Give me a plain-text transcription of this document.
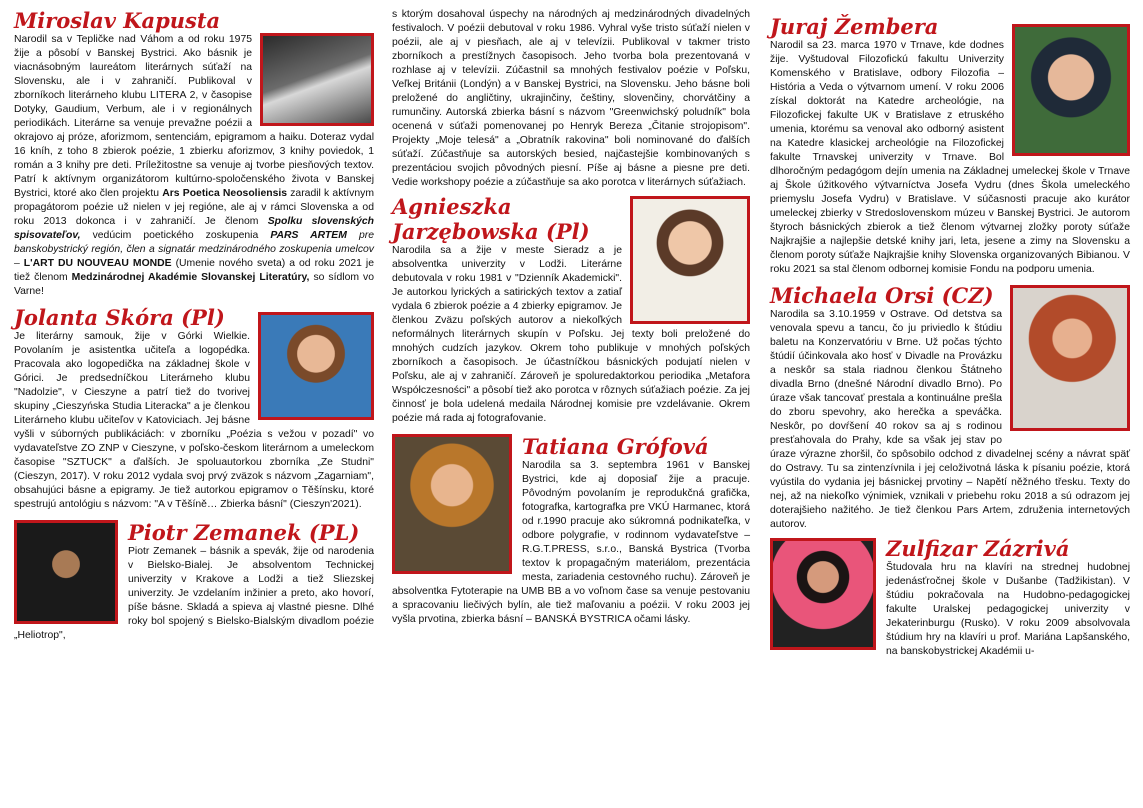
Miroslav Kapusta

Narodil sa v Tepličke nad Váhom a od roku 1975 žije a pôsobí v Banskej Bystrici. Ako básnik je viacnásobným laureátom literárnych súťaží na Slovensku, ale i v zahraničí. Publikoval v zborníkoch literárneho klubu LITERA 2, v časopise Dotyky, Gaudium, Verbum, ale i v regionálnych periodikách. Literárne sa venuje prevažne poézii a okrajovo aj próze, aforizmom, sentenciám, epigramom a haiku. Doteraz vydal 16 kníh, z toho 8 zbierok poézie, 1 zbierku aforizmov, 3 knihy poviedok, 1 román a 3 knihy pre deti. Príležitostne sa venuje aj tvorbe piesňových textov. Patrí k aktívnym organizátorom kultúrno-spoločenského života v Banskej Bystrici, ktoré ako člen projektu Ars Poetica Neosoliensis zaradil k aktívnym propagátorom poézie už nielen v jej regióne, ale aj v rámci Slovenska a od roku 2013 dokonca i v zahraničí. Je členom Spolku slovenských spisovateľov, vedúcim poetického zoskupenia PARS ARTEM pre banskobystrický región, člen a signatár medzinárodného zoskupenia umelcov – L'ART DU NOUVEAU MONDE (Umenie nového sveta) a od roku 2021 je tiež členom Medzinárodnej Akadémie Slovanskej Literatúry, so sídlom vo Varne!

Jolanta Skóra (Pl)

Je literárny samouk, žije v Górki Wielkie. Povolaním je asistentka učiteľa a logopédka. Pracovala ako logopedička na základnej škole v Górici. Je predsedníčkou Literárneho klubu "Nadolzie", v Cieszyne a patrí tiež do tvorivej skupiny „Cieszyńska Studia Literacka" a je členkou Literárneho klubu učiteľov v Katoviciach. Jej básne vyšli v súborných publikáciách: v zborníku „Poézia s vežou v pozadí" vo vydavateľstve ZO ZNP v Cieszyne, v poľsko-českom literárnom a umeleckom časopise "SZTUCK" a ďalších. Je spoluautorkou zborníka „Ze Studni" (Cieszyn, 2017). V roku 2012 vydala svoj prvý zväzok s názvom „Zagarniam", obsahujúci básne a epigramy. Je tiež autorkou epigramov o Těšínsku, ktoré spestrujú antológiu s názvom: "A v Těšíně… Zbierka básní" (Cieszyn'2021).

Piotr Zemanek (PL)

Piotr Zemanek – básnik a spevák, žije od narodenia v Bielsko-Bialej. Je absolventom Technickej univerzity v Krakove a Lodži a tiež Sliezskej univerzity. Je vzdelaním inžinier a preto, ako hovorí, píše básne. Skladá a spieva aj vlastné piesne. Dlhé roky bol spojený s Bielsko-Bialským divadlom poézie „Heliotrop",

s ktorým dosahoval úspechy na národných aj medzinárodných divadelných festivaloch. V poézii debutoval v roku 1986. Vyhral vyše tristo súťaží nielen v poézii, ale aj v piesňach, ale aj v televízii. Publikoval v takmer tristo zborníkoch a prestížnych časopisoch. Jeho tvorba bola prezentovaná v rozhlase aj v televízii. Zúčastnil sa mnohých festivalov poézie v Poľsku, Veľkej Británii (Londýn) a v Banskej Bystrici, na Slovensku. Jeho básne boli preložené do angličtiny, ukrajinčiny, češtiny, slovenčiny, chorvátčiny a rumunčiny. Autorská zbierka básní s názvom "Greenwichský poludník" bola ocenená v súťaži pomenovanej po Henryk Bereza „Čitanie strojopisom". Projekty „Moje telesá" a „Obratník rakovina" boli nominované do ďalších súťaží. Zúčastňuje sa autorských besied, najčastejšie kombinovaných s prezentáciou svojich pôvodných piesní. Píše aj básne a piesne pre deti. Vedie workshopy poézie a zúčastňuje sa ako porotca v literárnych súťažiach.

Agnieszka
Jarzębowska (Pl)

Narodila sa a žije v meste Sieradz a je absolventka univerzity v Lodži. Literárne debutovala v roku 1981 v "Dzienník Akademicki". Je autorkou lyrických a satirických textov a zatiaľ vydala 6 zbierok poézie a 4 zbierky epigramov. Je členkou Zväzu poľských autorov a niekoľkých neformálnych literárnych skupín v Poľsku. Jej texty boli preložené do mnohých cudzích jazykov. Okrem toho publikuje v mnohých poľských zborníkoch a časopisoch. Je účastníčkou básnických podujatí nielen v Poľsku, ale aj v zahraničí. Zároveň je spoluredaktorkou periodika „Metafora Współczesności" a pôsobí tiež ako porotca v rôznych súťažiach poézie. Za jej činnosť je bola udelená medaila Národnej komisie pre vzdelávanie. Okrem poézie má rada aj fotografovanie.

Tatiana Grófová

Narodila sa 3. septembra 1961 v Banskej Bystrici, kde aj doposiaľ žije a pracuje. Pôvodným povolaním je reprodukčná grafička, fotografka, kartografka pre VKÚ Harmanec, ktorá od r.1990 pracuje ako súkromná podnikateľka, v odbore polygrafie, v rodinnom vydavateľstve – R.G.T.PRESS, s.r.o., Banská Bystrica (Tvorba textov k propagačným materiálom, prezentácia mesta, zariadenia cestovného ruchu). Zároveň je absolventka Fytoterapie na UMB BB a vo voľnom čase sa venuje pestovaniu a spracovaniu liečivých bylín, ale tiež maľovaniu a poézii. V roku 2003 jej vyšla prvotina, zbierka básní – BANSKÁ BYSTRICA očami lásky.

Juraj Žembera

Narodil sa 23. marca 1970 v Trnave, kde dodnes žije. Vyštudoval Filozofickú fakultu Univerzity Komenského v Bratislave, odbory Filozofia – História a Veda o výtvarnom umení. V roku 2006 získal doktorát na Katedre archeológie, na Filozofickej fakulte UK v Bratislave z etruského umenia, ktorému sa venoval ako odborný asistent na Katedre klasickej archeológie na Filozofickej fakulte Trnavskej univerzity v Trnave. Bol dlhoročným pedagógom dejín umenia na Základnej umeleckej škole v Trnave aj Škole úžitkového výtvarníctva Josefa Vydru (dnes Škola umeleckého priemyslu Josefa Vydru) v Bratislave. V súčasnosti pracuje ako kurátor umeleckej zbierky v Stredoslovenskom múzeu v Banskej Bystrici. Je autorom štyroch básnických zbierok a tiež členom výtvarnej zložky poroty súťaže Najkrajšie a najlepšie detské knihy jari, leta, jesene a zimy na Slovensku a členom poroty súťaže Najkrajšie knihy Slovenska organizovaných Bibianou. V roku 2021 sa stal členom odbornej komisie Fondu na podporu umenia.

Michaela Orsi (CZ)

Narodila sa 3.10.1959 v Ostrave. Od detstva sa venovala spevu a tancu, čo ju priviedlo k štúdiu baletu na Konzervatóriu v Brne. Už počas týchto štúdií účinkovala ako hosť v Divadle na Provázku a neskôr sa stala riadnou členkou Štátneho divadla Brno (dnešné Národní divadlo Brno). Po úraze však tancovať prestala a kontinuálne prešla do zboru spevohry, ako herečka a speváčka. Neskôr, po dovŕšení 40 rokov sa aj s rodinou presťahovala do Prahy, kde sa však jej stav po úraze výrazne zhoršil, čo spôsobilo odchod z divadelnej scény a návrat späť do Ostravy. Tu sa zintenzívnila i jej celoživotná láska k písaniu poézie, ktorá vyústila do vydania jej básnickej prvotiny – Napětí něžného třesku. Texty do nej, až na niekoľko výnimiek, vznikali v priebehu roku 2018 a sú odrazom jej doterajšieho nažitého. Je tiež členkou Pars Artem, združenia internetových autorov.

Zulfizar Zázrivá

Študovala hru na klavíri na strednej hudobnej jedenásťročnej škole v Dušanbe (Tadžikistan). V štúdiu pokračovala na Hudobno-pedagogickej fakulte Uralskej pedagogickej univerzity v Jekaterinburgu (Rusko). V roku 2009 absolvovala štúdium hry na klavíri u prof. Mariána Lapšanského, na banskobystrickej Akadémii u-
